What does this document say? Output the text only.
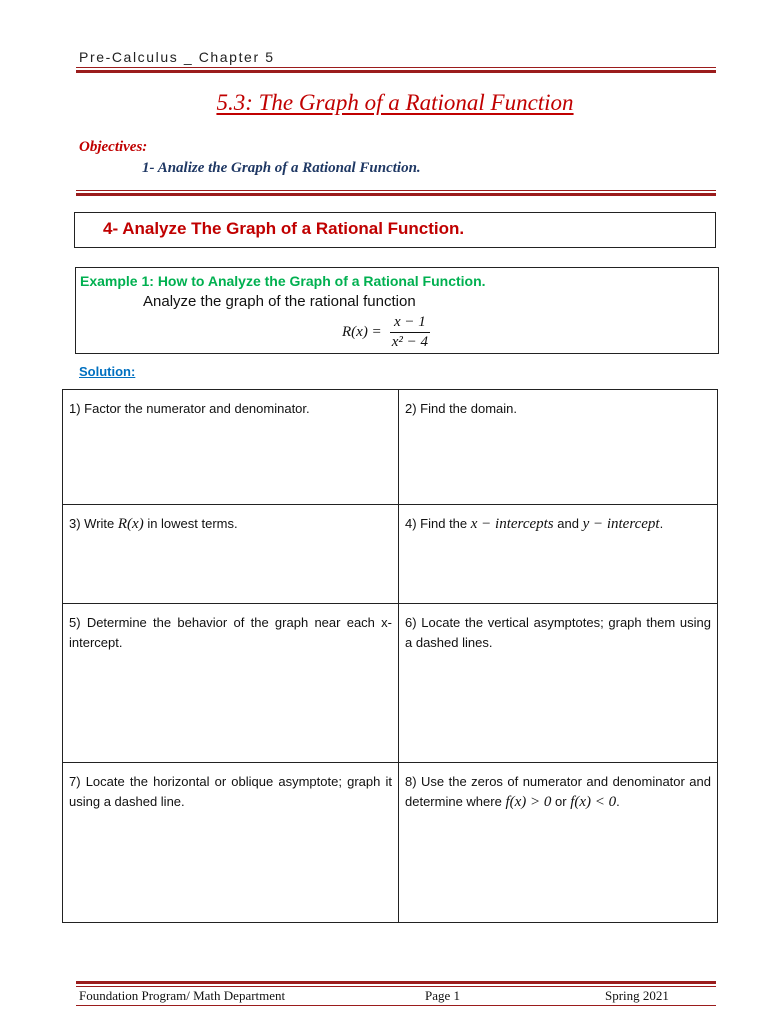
Pre-Calculus _ Chapter 5
5.3: The Graph of a Rational Function
Objectives:
1- Analize the Graph of a Rational Function.
4- Analyze The Graph of a Rational Function.
Example 1: How to Analyze the Graph of a Rational Function.
Analyze the graph of the rational function
$R(x) = \frac{x - 1}{\text{x² − 4}}$
Solution:
1) Factor the numerator and denominator.	2) Find the domain.
3) Write R(x) in lowest terms.	4) Find the x − intercepts and y − intercept.
5) Determine the behavior of the graph near each x-intercept.	6) Locate the vertical asymptotes; graph them using a dashed lines.
7) Locate the horizontal or oblique asymptote; graph it using a dashed line.	8) Use the zeros of numerator and denominator and determine where f(x) > 0 or f(x) < 0.
Foundation Program/ Math Department	Page 1	Spring 2021
